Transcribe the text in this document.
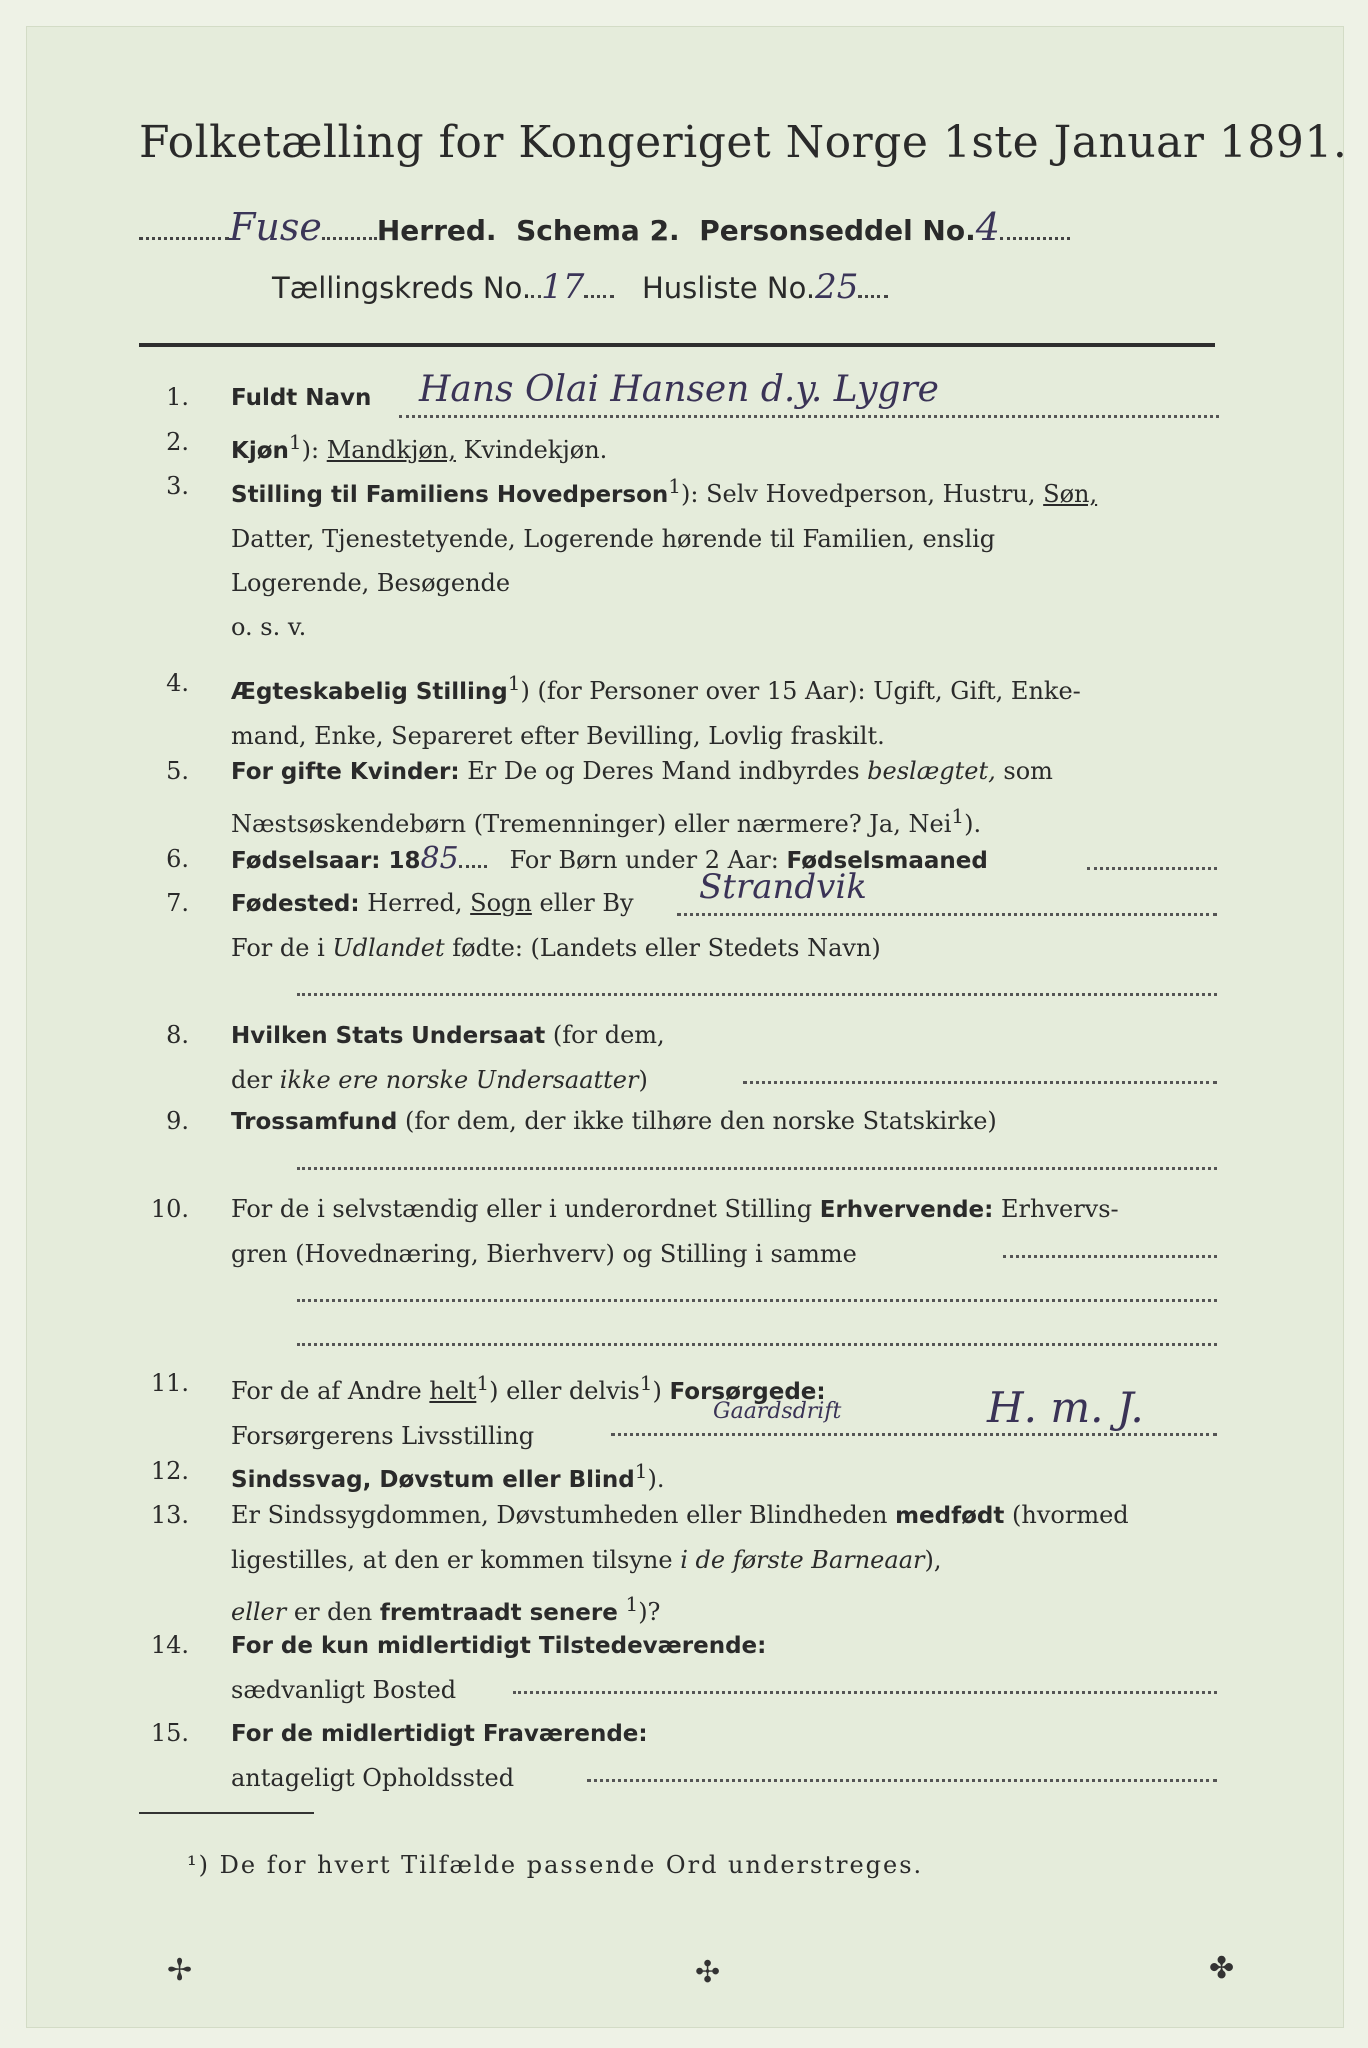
Folketælling for Kongeriget Norge 1ste Januar 1891.
Fuse Herred. Schema 2. Personseddel No.4
Tællingskreds No. 17 Husliste No.25
1. Fuldt Navn	Hans Olai Hansen d.y. Lygre
2. Kjøn$^1$): Mandkjøn, Kvindekjøn.
3. Stilling til Familiens Hovedperson$^1$): Selv Hovedperson, Hustru, Søn,
Datter, Tjenestetyende, Logerende hørende til Familien, enslig
Logerende, Besøgende
o. s. v.
4. Ægteskabelig Stilling$^1$) (for Personer over 15 Aar): Ugift, Gift, Enke-
mand, Enke, Separeret efter Bevilling, Lovlig fraskilt.
5. For gifte Kvinder: Er De og Deres Mand indbyrdes beslægtet, som
Næstsøskendebørn (Tremenninger) eller nærmere? Ja, Nei$^1$).
6. Fødselsaar: 1885 For Børn under 2 Aar: Fødselsmaaned
7. Fødested: Herred, Sogn eller By
For de i Udlandet fødte: (Landets eller Stedets Navn)
Strandvik
8. Hvilken Stats Undersaat (for dem,
der ikke ere norske Undersaatter)
9. Trossamfund (for dem, der ikke tilhøre den norske Statskirke)
10. For de i selvstændig eller i underordnet Stilling Erhvervende: Erhvervs-
gren (Hovednæring, Bierhverv) og Stilling i samme
11. For de af Andre helt$^1$) eller delvis$^1$) Forsørgede:
Forsørgerens Livsstilling
Gaardsdrift	H. m. J.
12. Sindssvag, Døvstum eller Blind$^1$).
13. Er Sindssygdommen, Døvstumheden eller Blindheden medfødt (hvormed
ligestilles, at den er kommen tilsyne i de første Barneaar),
eller er den fremtraadt senere $^1$)?
14. For de kun midlertidigt Tilstedeværende:
sædvanligt Bosted
15. For de midlertidigt Fraværende:
antageligt Opholdssted
¹) De for hvert Tilfælde passende Ord understreges.
✢	✣	✤
